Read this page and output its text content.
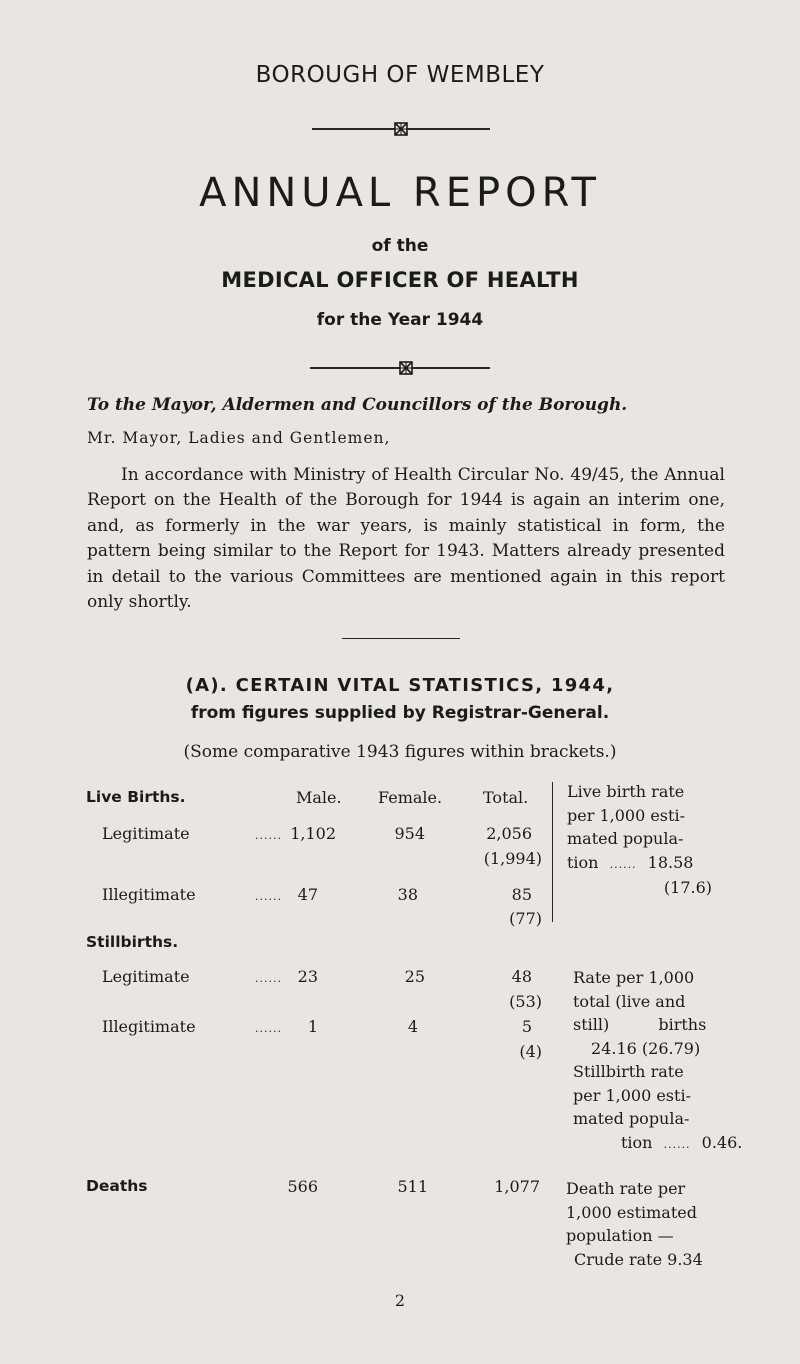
BOROUGH OF WEMBLEY
ANNUAL REPORT
of the
MEDICAL OFFICER OF HEALTH
for the Year 1944
To the Mayor, Aldermen and Councillors of the Borough.
Mr. Mayor, Ladies and Gentlemen,
In accordance with Ministry of Health Circular No. 49/45, the Annual Report on the Health of the Borough for 1944 is again an interim one, and, as formerly in the war years, is mainly statistical in form, the pattern being similar to the Report for 1943. Matters already presented in detail to the various Committees are mentioned again in this report only shortly.
(A). CERTAIN VITAL STATISTICS, 1944,
from figures supplied by Registrar-General.
(Some comparative 1943 figures within brackets.)
Live Births.	Male. Female.	Total.
Legitimate	...... 1,102	954	2,056
(1,994)
Illegitimate	...... 47	38	85
(77)
Live birth rate
per 1,000 esti-
mated popula-
tion ...... 18.58
(17.6)
Stillbirths.
Legitimate	...... 23	25	48
(53)
Illegitimate	......	1	4	5
(4)
Rate per 1,000
total (live and
still)	births
24.16 (26.79)
Stillbirth rate
per 1,000 esti-
mated popula-
tion ...... 0.46.
Deaths	566	511	1,077 Death rate per
1,000 estimated
population —
Crude rate 9.34
2
